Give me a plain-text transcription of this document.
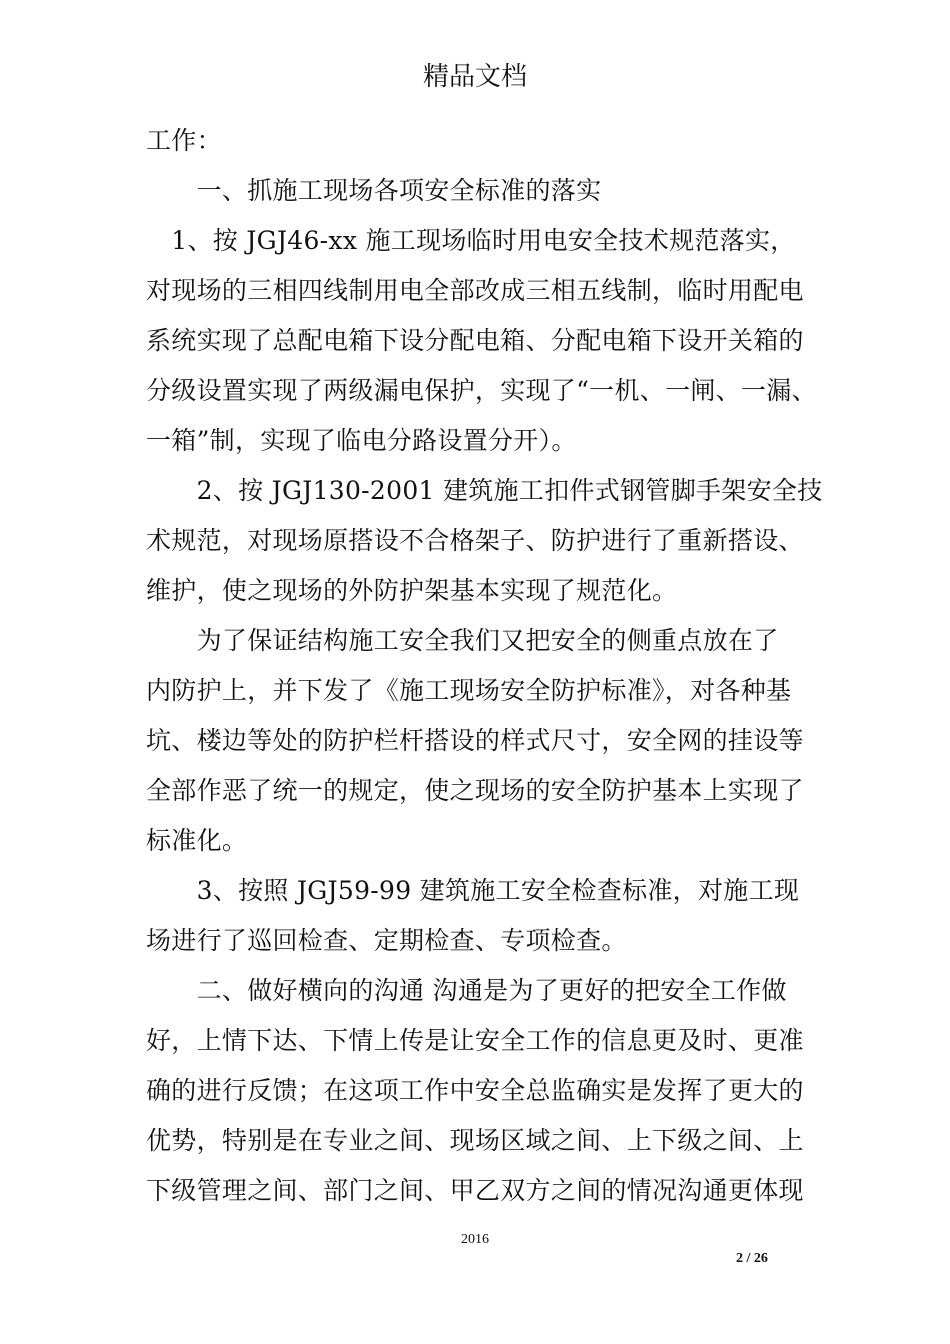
精品文档
工作：
　　一、抓施工现场各项安全标准的落实
　1、按 JGJ46-xx 施工现场临时用电安全技术规范落实，
对现场的三相四线制用电全部改成三相五线制，临时用配电
系统实现了总配电箱下设分配电箱、分配电箱下设开关箱的
分级设置实现了两级漏电保护，实现了“一机、一闸、一漏、
一箱”制，实现了临电分路设置分开）。
　　2、按 JGJ130-2001 建筑施工扣件式钢管脚手架安全技
术规范，对现场原搭设不合格架子、防护进行了重新搭设、
维护，使之现场的外防护架基本实现了规范化。
　　为了保证结构施工安全我们又把安全的侧重点放在了
内防护上，并下发了《施工现场安全防护标准》，对各种基
坑、楼边等处的防护栏杆搭设的样式尺寸，安全网的挂设等
全部作恶了统一的规定，使之现场的安全防护基本上实现了
标准化。
　　3、按照 JGJ59-99 建筑施工安全检查标准，对施工现
场进行了巡回检查、定期检查、专项检查。
　　二、做好横向的沟通 沟通是为了更好的把安全工作做
好，上情下达、下情上传是让安全工作的信息更及时、更准
确的进行反馈；在这项工作中安全总监确实是发挥了更大的
优势，特别是在专业之间、现场区域之间、上下级之间、上
下级管理之间、部门之间、甲乙双方之间的情况沟通更体现
2016
2 / 26
